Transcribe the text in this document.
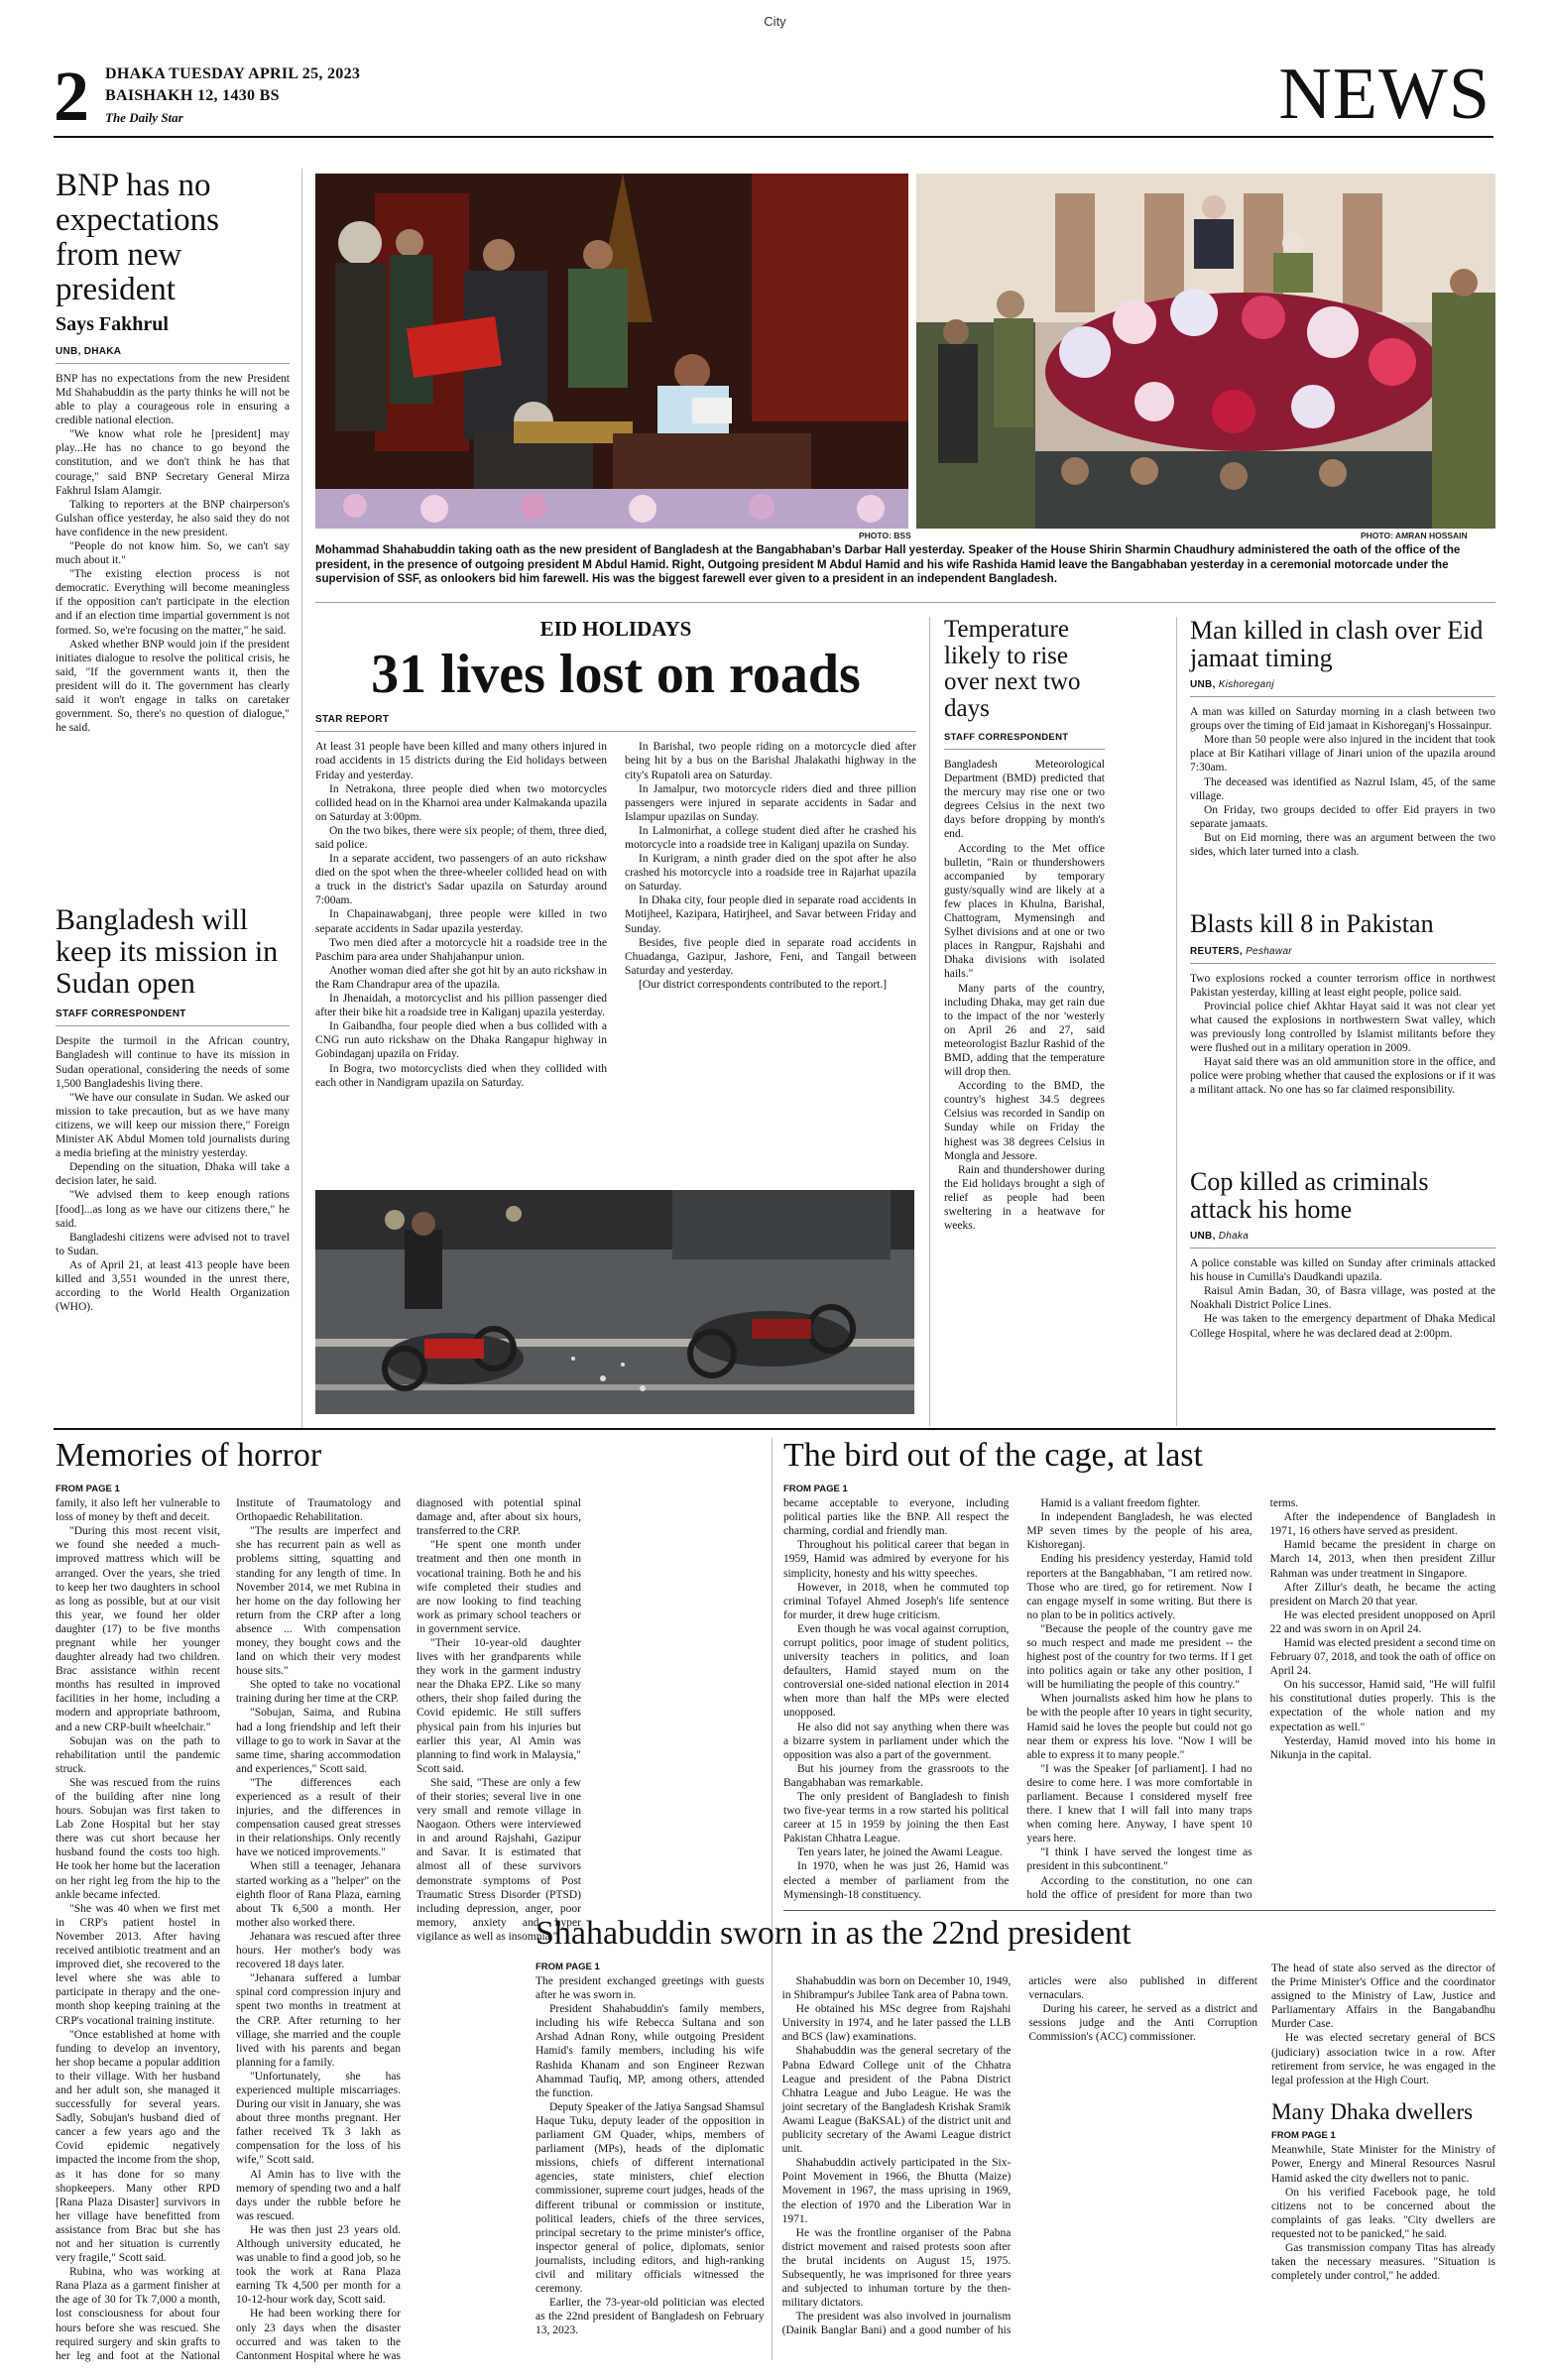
City
2 DHAKA TUESDAY APRIL 25, 2023
BAISHAKH 12, 1430 BS
The Daily Star	NEWS
PHOTO: BSS	PHOTO: AMRAN HOSSAIN
Mohammad Shahabuddin taking oath as the new president of Bangladesh at the Bangabhaban's Darbar Hall yesterday. Speaker of the House Shirin Sharmin Chaudhury administered the oath of the office of the president, in the presence of outgoing president M Abdul Hamid. Right, Outgoing president M Abdul Hamid and his wife Rashida Hamid leave the Bangabhaban yesterday in a ceremonial motorcade under the supervision of SSF, as onlookers bid him farewell. His was the biggest farewell ever given to a president in an independent Bangladesh.
BNP has no expectations from new president
Says Fakhrul
UNB, DHAKA

BNP has no expectations from the new President Md Shahabuddin as the party thinks he will not be able to play a courageous role in ensuring a credible national election.

"We know what role he [president] may play...He has no chance to go beyond the constitution, and we don't think he has that courage," said BNP Secretary General Mirza Fakhrul Islam Alamgir.

Talking to reporters at the BNP chairperson's Gulshan office yesterday, he also said they do not have confidence in the new president.

"People do not know him. So, we can't say much about it."

"The existing election process is not democratic. Everything will become meaningless if the opposition can't participate in the election and if an election time impartial government is not formed. So, we're focusing on the matter," he said.

Asked whether BNP would join if the president initiates dialogue to resolve the political crisis, he said, "If the government wants it, then the president will do it. The government has clearly said it won't engage in talks on caretaker government. So, there's no question of dialogue," he said.

Bangladesh will keep its mission in Sudan open
STAFF CORRESPONDENT

Despite the turmoil in the African country, Bangladesh will continue to have its mission in Sudan operational, considering the needs of some 1,500 Bangladeshis living there.

"We have our consulate in Sudan. We asked our mission to take precaution, but as we have many citizens, we will keep our mission there," Foreign Minister AK Abdul Momen told journalists during a media briefing at the ministry yesterday.

Depending on the situation, Dhaka will take a decision later, he said.

"We advised them to keep enough rations [food]...as long as we have our citizens there," he said.

Bangladeshi citizens were advised not to travel to Sudan.

As of April 21, at least 413 people have been killed and 3,551 wounded in the unrest there, according to the World Health Organization (WHO).

EID HOLIDAYS
31 lives lost on roads
STAR REPORT

At least 31 people have been killed and many others injured in road accidents in 15 districts during the Eid holidays between Friday and yesterday.

In Netrakona, three people died when two motorcycles collided head on in the Kharnoi area under Kalmakanda upazila on Saturday at 3:00pm.

On the two bikes, there were six people; of them, three died, said police.

In a separate accident, two passengers of an auto rickshaw died on the spot when the three-wheeler collided head on with a truck in the district's Sadar upazila on Saturday around 7:00am.

In Chapainawabganj, three people were killed in two separate accidents in Sadar upazila yesterday.

Two men died after a motorcycle hit a roadside tree in the Paschim para area under Shahjahanpur union.

Another woman died after she got hit by an auto rickshaw in the Ram Chandrapur area of the upazila.

In Jhenaidah, a motorcyclist and his pillion passenger died after their bike hit a roadside tree in Kaliganj upazila yesterday.

In Gaibandha, four people died when a bus collided with a CNG run auto rickshaw on the Dhaka Rangapur highway in Gobindaganj upazila on Friday.

In Bogra, two motorcyclists died when they collided with each other in Nandigram upazila on Saturday.

In Barishal, two people riding on a motorcycle died after being hit by a bus on the Barishal Jhalakathi highway in the city's Rupatoli area on Saturday.

In Jamalpur, two motorcycle riders died and three pillion passengers were injured in separate accidents in Sadar and Islampur upazilas on Sunday.

In Lalmonirhat, a college student died after he crashed his motorcycle into a roadside tree in Kaliganj upazila on Sunday.

In Kurigram, a ninth grader died on the spot after he also crashed his motorcycle into a roadside tree in Rajarhat upazila on Saturday.

In Dhaka city, four people died in separate road accidents in Motijheel, Kazipara, Hatirjheel, and Savar between Friday and Sunday.

Besides, five people died in separate road accidents in Chuadanga, Gazipur, Jashore, Feni, and Tangail between Saturday and yesterday.

[Our district correspondents contributed to the report.]

Temperature likely to rise over next two days
STAFF CORRESPONDENT

Bangladesh Meteorological Department (BMD) predicted that the mercury may rise one or two degrees Celsius in the next two days before dropping by month's end.

According to the Met office bulletin, "Rain or thundershowers accompanied by temporary gusty/squally wind are likely at a few places in Khulna, Barishal, Chattogram, Mymensingh and Sylhet divisions and at one or two places in Rangpur, Rajshahi and Dhaka divisions with isolated hails."

Many parts of the country, including Dhaka, may get rain due to the impact of the nor 'westerly on April 26 and 27, said meteorologist Bazlur Rashid of the BMD, adding that the temperature will drop then.

According to the BMD, the country's highest 34.5 degrees Celsius was recorded in Sandip on Sunday while on Friday the highest was 38 degrees Celsius in Mongla and Jessore.

Rain and thundershower during the Eid holidays brought a sigh of relief as people had been sweltering in a heatwave for weeks.

Man killed in clash over Eid jamaat timing
UNB, Kishoreganj

A man was killed on Saturday morning in a clash between two groups over the timing of Eid jamaat in Kishoreganj's Hossainpur.

More than 50 people were also injured in the incident that took place at Bir Katihari village of Jinari union of the upazila around 7:30am.

The deceased was identified as Nazrul Islam, 45, of the same village.

On Friday, two groups decided to offer Eid prayers in two separate jamaats.

But on Eid morning, there was an argument between the two sides, which later turned into a clash.

Blasts kill 8 in Pakistan
REUTERS, Peshawar

Two explosions rocked a counter terrorism office in northwest Pakistan yesterday, killing at least eight people, police said.

Provincial police chief Akhtar Hayat said it was not clear yet what caused the explosions in northwestern Swat valley, which was previously long controlled by Islamist militants before they were flushed out in a military operation in 2009.

Hayat said there was an old ammunition store in the office, and police were probing whether that caused the explosions or if it was a militant attack. No one has so far claimed responsibility.

Cop killed as criminals attack his home
UNB, Dhaka

A police constable was killed on Sunday after criminals attacked his house in Cumilla's Daudkandi upazila.

Raisul Amin Badan, 30, of Basra village, was posted at the Noakhali District Police Lines.

He was taken to the emergency department of Dhaka Medical College Hospital, where he was declared dead at 2:00pm.

Memories of horror
FROM PAGE 1

family, it also left her vulnerable to loss of money by theft and deceit.

"During this most recent visit, we found she needed a much-improved mattress which will be arranged. Over the years, she tried to keep her two daughters in school as long as possible, but at our visit this year, we found her older daughter (17) to be five months pregnant while her younger daughter already had two children. Brac assistance within recent months has resulted in improved facilities in her home, including a modern and appropriate bathroom, and a new CRP-built wheelchair."

Sobujan was on the path to rehabilitation until the pandemic struck.

She was rescued from the ruins of the building after nine long hours. Sobujan was first taken to Lab Zone Hospital but her stay there was cut short because her husband found the costs too high. He took her home but the laceration on her right leg from the hip to the ankle became infected.

"She was 40 when we first met in CRP's patient hostel in November 2013. After having received antibiotic treatment and an improved diet, she recovered to the level where she was able to participate in therapy and the one-month shop keeping training at the CRP's vocational training institute.

"Once established at home with funding to develop an inventory, her shop became a popular addition to their village. With her husband and her adult son, she managed it successfully for several years. Sadly, Sobujan's husband died of cancer a few years ago and the Covid epidemic negatively impacted the income from the shop, as it has done for so many shopkeepers. Many other RPD [Rana Plaza Disaster] survivors in her village have benefitted from assistance from Brac but she has not and her situation is currently very fragile," Scott said.

Rubina, who was working at Rana Plaza as a garment finisher at the age of 30 for Tk 7,000 a month, lost consciousness for about four hours before she was rescued. She required surgery and skin grafts to her leg and foot at the National Institute of Traumatology and Orthopaedic Rehabilitation.

"The results are imperfect and she has recurrent pain as well as problems sitting, squatting and standing for any length of time. In November 2014, we met Rubina in her home on the day following her return from the CRP after a long absence ... With compensation money, they bought cows and the land on which their very modest house sits."

She opted to take no vocational training during her time at the CRP.

"Sobujan, Saima, and Rubina had a long friendship and left their village to go to work in Savar at the same time, sharing accommodation and experiences," Scott said.

"The differences each experienced as a result of their injuries, and the differences in compensation caused great stresses in their relationships. Only recently have we noticed improvements."

When still a teenager, Jehanara started working as a "helper" on the eighth floor of Rana Plaza, earning about Tk 6,500 a month. Her mother also worked there.

Jehanara was rescued after three hours. Her mother's body was recovered 18 days later.

"Jehanara suffered a lumbar spinal cord compression injury and spent two months in treatment at the CRP. After returning to her village, she married and the couple lived with his parents and began planning for a family.

"Unfortunately, she has experienced multiple miscarriages. During our visit in January, she was about three months pregnant. Her father received Tk 3 lakh as compensation for the loss of his wife," Scott said.

Al Amin has to live with the memory of spending two and a half days under the rubble before he was rescued.

He was then just 23 years old. Although university educated, he was unable to find a good job, so he took the work at Rana Plaza earning Tk 4,500 per month for a 10-12-hour work day, Scott said.

He had been working there for only 23 days when the disaster occurred and was taken to the Cantonment Hospital where he was diagnosed with potential spinal damage and, after about six hours, transferred to the CRP.

"He spent one month under treatment and then one month in vocational training. Both he and his wife completed their studies and are now looking to find teaching work as primary school teachers or in government service.

"Their 10-year-old daughter lives with her grandparents while they work in the garment industry near the Dhaka EPZ. Like so many others, their shop failed during the Covid epidemic. He still suffers physical pain from his injuries but earlier this year, Al Amin was planning to find work in Malaysia," Scott said.

She said, "These are only a few of their stories; several live in one very small and remote village in Naogaon. Others were interviewed in and around Rajshahi, Gazipur and Savar. It is estimated that almost all of these survivors demonstrate symptoms of Post Traumatic Stress Disorder (PTSD) including depression, anger, poor memory, anxiety and hyper vigilance as well as insomnia."

The bird out of the cage, at last
FROM PAGE 1

became acceptable to everyone, including political parties like the BNP. All respect the charming, cordial and friendly man.

Throughout his political career that began in 1959, Hamid was admired by everyone for his simplicity, honesty and his witty speeches.

However, in 2018, when he commuted top criminal Tofayel Ahmed Joseph's life sentence for murder, it drew huge criticism.

Even though he was vocal against corruption, corrupt politics, poor image of student politics, university teachers in politics, and loan defaulters, Hamid stayed mum on the controversial one-sided national election in 2014 when more than half the MPs were elected unopposed.

He also did not say anything when there was a bizarre system in parliament under which the opposition was also a part of the government.

But his journey from the grassroots to the Bangabhaban was remarkable.

The only president of Bangladesh to finish two five-year terms in a row started his political career at 15 in 1959 by joining the then East Pakistan Chhatra League.

Ten years later, he joined the Awami League.

In 1970, when he was just 26, Hamid was elected a member of parliament from the Mymensingh-18 constituency.

Hamid is a valiant freedom fighter.

In independent Bangladesh, he was elected MP seven times by the people of his area, Kishoreganj.

Ending his presidency yesterday, Hamid told reporters at the Bangabhaban, "I am retired now. Those who are tired, go for retirement. Now I can engage myself in some writing. But there is no plan to be in politics actively.

"Because the people of the country gave me so much respect and made me president -- the highest post of the country for two terms. If I get into politics again or take any other position, I will be humiliating the people of this country."

When journalists asked him how he plans to be with the people after 10 years in tight security, Hamid said he loves the people but could not go near them or express his love. "Now I will be able to express it to many people."

"I was the Speaker [of parliament]. I had no desire to come here. I was more comfortable in parliament. Because I considered myself free there. I knew that I will fall into many traps when coming here. Anyway, I have spent 10 years here.

"I think I have served the longest time as president in this subcontinent."

According to the constitution, no one can hold the office of president for more than two terms.

After the independence of Bangladesh in 1971, 16 others have served as president.

Hamid became the president in charge on March 14, 2013, when then president Zillur Rahman was under treatment in Singapore.

After Zillur's death, he became the acting president on March 20 that year.

He was elected president unopposed on April 22 and was sworn in on April 24.

Hamid was elected president a second time on February 07, 2018, and took the oath of office on April 24.

On his successor, Hamid said, "He will fulfil his constitutional duties properly. This is the expectation of the whole nation and my expectation as well."

Yesterday, Hamid moved into his home in Nikunja in the capital.

Shahabuddin sworn in as the 22nd president
FROM PAGE 1

The president exchanged greetings with guests after he was sworn in.

President Shahabuddin's family members, including his wife Rebecca Sultana and son Arshad Adnan Rony, while outgoing President Hamid's family members, including his wife Rashida Khanam and son Engineer Rezwan Ahammad Taufiq, MP, among others, attended the function.

Deputy Speaker of the Jatiya Sangsad Shamsul Haque Tuku, deputy leader of the opposition in parliament GM Quader, whips, members of parliament (MPs), heads of the diplomatic missions, chiefs of different international agencies, state ministers, chief election commissioner, supreme court judges, heads of the different tribunal or commission or institute, political leaders, chiefs of the three services, principal secretary to the prime minister's office, inspector general of police, diplomats, senior journalists, including editors, and high-ranking civil and military officials witnessed the ceremony.

Earlier, the 73-year-old politician was elected as the 22nd president of Bangladesh on February 13, 2023.

Shahabuddin was born on December 10, 1949, in Shibrampur's Jubilee Tank area of Pabna town.

He obtained his MSc degree from Rajshahi University in 1974, and he later passed the LLB and BCS (law) examinations.

Shahabuddin was the general secretary of the Pabna Edward College unit of the Chhatra League and president of the Pabna District Chhatra League and Jubo League. He was the joint secretary of the Bangladesh Krishak Sramik Awami League (BaKSAL) of the district unit and publicity secretary of the Awami League district unit.

Shahabuddin actively participated in the Six-Point Movement in 1966, the Bhutta (Maize) Movement in 1967, the mass uprising in 1969, the election of 1970 and the Liberation War in 1971.

He was the frontline organiser of the Pabna district movement and raised protests soon after the brutal incidents on August 15, 1975. Subsequently, he was imprisoned for three years and subjected to inhuman torture by the then-military dictators.

The president was also involved in journalism (Dainik Banglar Bani) and a good number of his articles were also published in different vernaculars.

During his career, he served as a district and sessions judge and the Anti Corruption Commission's (ACC) commissioner.

The head of state also served as the director of the Prime Minister's Office and the coordinator assigned to the Ministry of Law, Justice and Parliamentary Affairs in the Bangabandhu Murder Case.

He was elected secretary general of BCS (judiciary) association twice in a row. After retirement from service, he was engaged in the legal profession at the High Court.

Many Dhaka dwellers
FROM PAGE 1

Meanwhile, State Minister for the Ministry of Power, Energy and Mineral Resources Nasrul Hamid asked the city dwellers not to panic.

On his verified Facebook page, he told citizens not to be concerned about the complaints of gas leaks. "City dwellers are requested not to be panicked," he said.

Gas transmission company Titas has already taken the necessary measures. "Situation is completely under control," he added.
